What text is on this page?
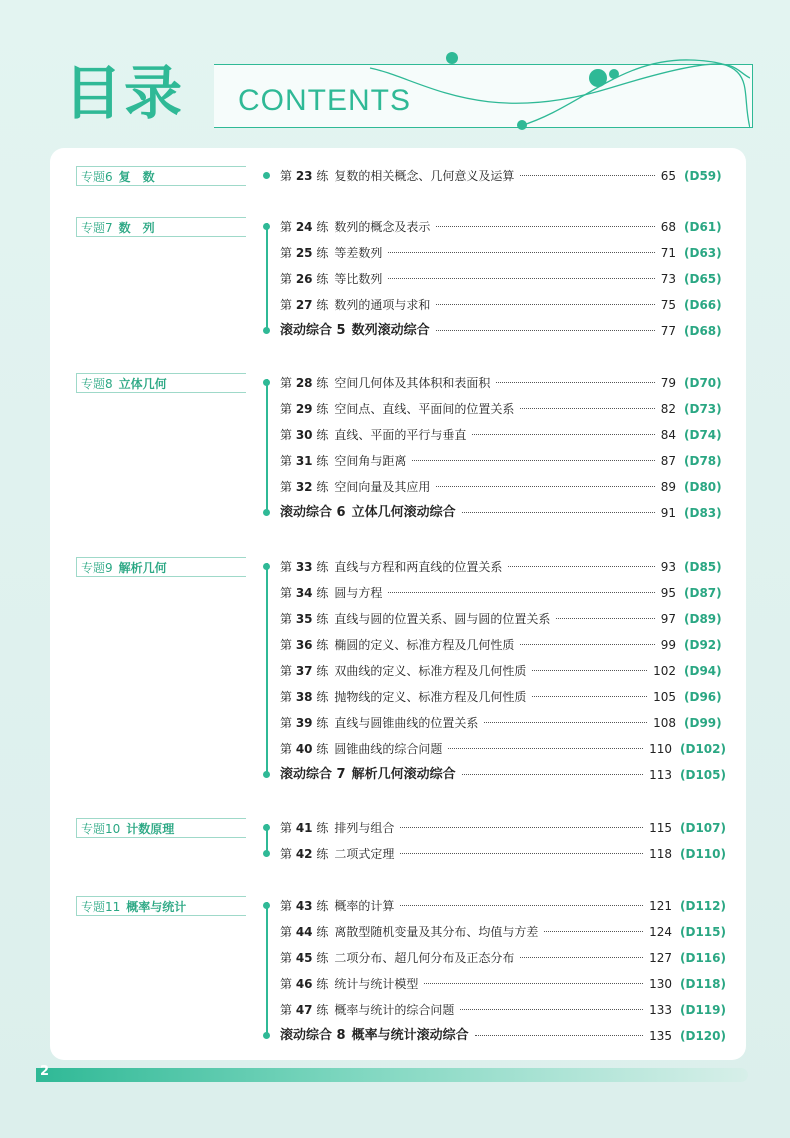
目录 CONTENTS
专题6 复　数	第 23 练 复数的相关概念、几何意义及运算	65 (D59)
专题7 数　列	第 24 练 数列的概念及表示	68 (D61)
第 25 练 等差数列	71 (D63)
第 26 练 等比数列	73 (D65)
第 27 练 数列的通项与求和	75 (D66)
滚动综合 5 数列滚动综合	77 (D68)
专题8 立体几何	第 28 练 空间几何体及其体积和表面积	79 (D70)
第 29 练 空间点、直线、平面间的位置关系	82 (D73)
第 30 练 直线、平面的平行与垂直	84 (D74)
第 31 练 空间角与距离	87 (D78)
第 32 练 空间向量及其应用	89 (D80)
滚动综合 6 立体几何滚动综合	91 (D83)
专题9 解析几何	第 33 练 直线与方程和两直线的位置关系	93 (D85)
第 34 练 圆与方程	95 (D87)
第 35 练 直线与圆的位置关系、圆与圆的位置关系	97 (D89)
第 36 练 椭圆的定义、标准方程及几何性质	99 (D92)
第 37 练 双曲线的定义、标准方程及几何性质	102 (D94)
第 38 练 抛物线的定义、标准方程及几何性质	105 (D96)
第 39 练 直线与圆锥曲线的位置关系	108 (D99)
第 40 练 圆锥曲线的综合问题	110 (D102)
滚动综合 7 解析几何滚动综合	113 (D105)
专题10 计数原理	第 41 练 排列与组合	115 (D107)
第 42 练 二项式定理	118 (D110)
专题11 概率与统计	第 43 练 概率的计算	121 (D112)
第 44 练 离散型随机变量及其分布、均值与方差	124 (D115)
第 45 练 二项分布、超几何分布及正态分布	127 (D116)
第 46 练 统计与统计模型	130 (D118)
第 47 练 概率与统计的综合问题	133 (D119)
滚动综合 8 概率与统计滚动综合	135 (D120)
2
